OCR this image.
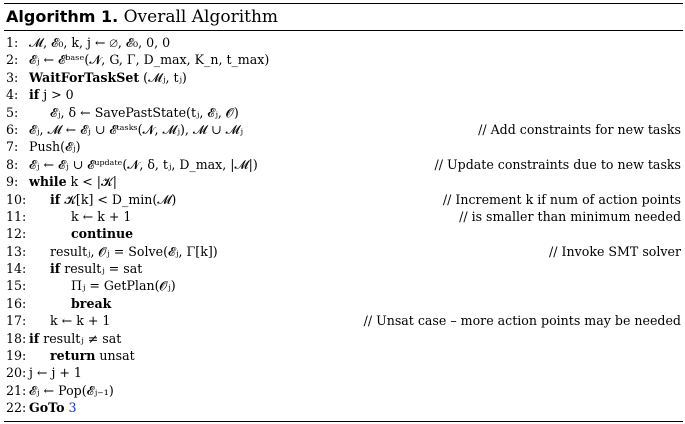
Algorithm 1. Overall Algorithm
1: 𝓜, 𝓔₀, k, j ← ∅, 𝓔₀, 0, 0
2: 𝓔ⱼ ← 𝓔ᵇᵃˢᵉ(𝓝, G, Γ, D_max, K_n, t_max)
3: WaitForTaskSet (𝓜ⱼ, tⱼ)
4: if j > 0
5:	𝓔ⱼ, δ ← SavePastState(tⱼ, 𝓔ⱼ, 𝓞)
6: 𝓔ⱼ, 𝓜 ← 𝓔ⱼ ∪ 𝓔ᵗᵃˢᵏˢ(𝓝, 𝓜ⱼ), 𝓜 ∪ 𝓜ⱼ	// Add constraints for new tasks
7: Push(𝓔ⱼ)
8: 𝓔ⱼ ← 𝓔ⱼ ∪ 𝓔ᵘᵖᵈᵃᵗᵉ(𝓝, δ, tⱼ, D_max, |𝓜|)	// Update constraints due to new tasks
9: while k < |𝓚|
10: if 𝓚[k] < D_min(𝓜)	// Increment k if num of action points
11:	k ← k + 1	// is smaller than minimum needed
12:	continue
13: resultⱼ, 𝓞ⱼ = Solve(𝓔ⱼ, Γ[k])	// Invoke SMT solver
14: if resultⱼ = sat
15:	Πⱼ = GetPlan(𝓞ⱼ)
16:	break
17: k ← k + 1	// Unsat case – more action points may be needed
18: if resultⱼ ≠ sat
19: return unsat
20: j ← j + 1
21: 𝓔ⱼ ← Pop(𝓔ⱼ₋₁)
22: GoTo 3
